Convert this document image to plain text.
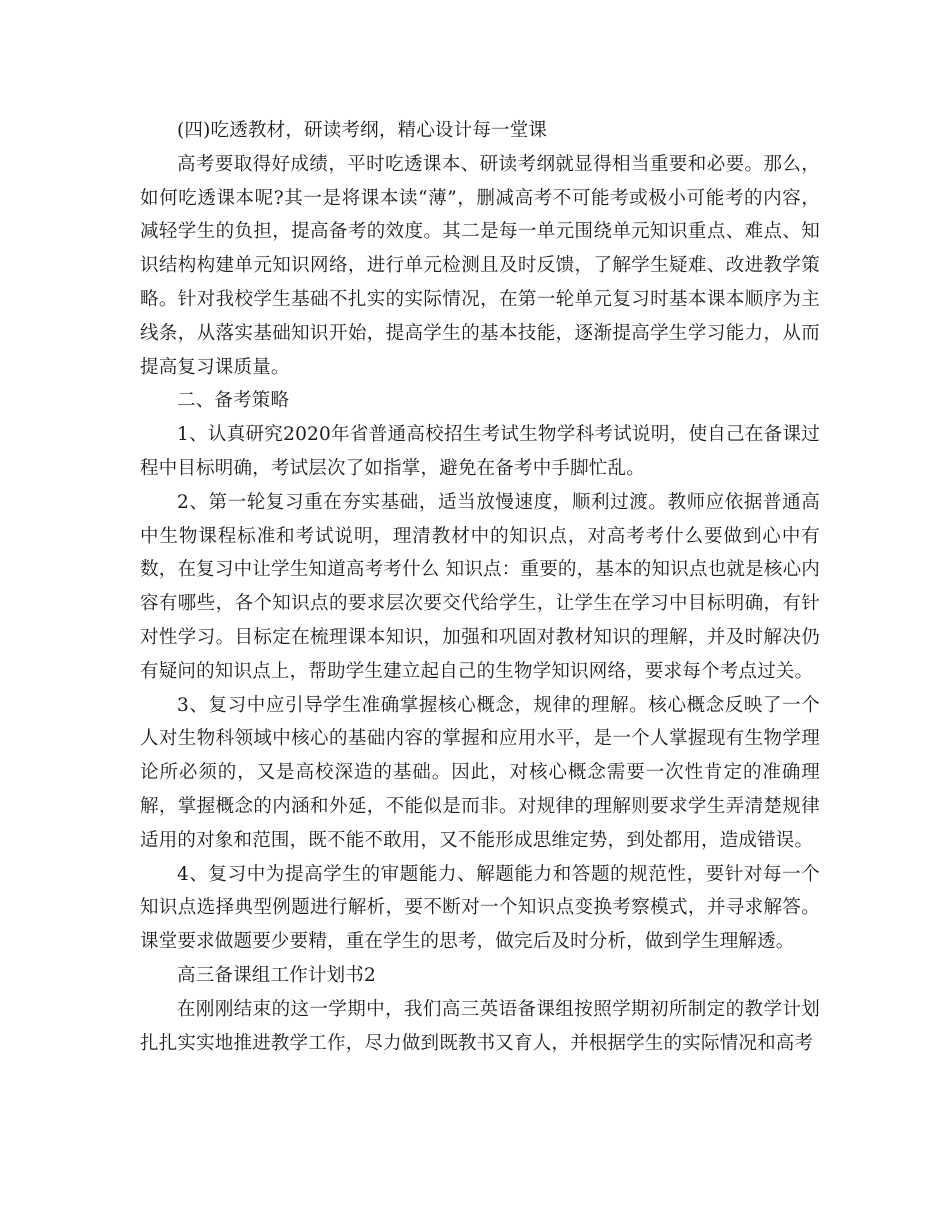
(四)吃透教材，研读考纲，精心设计每一堂课

高考要取得好成绩，平时吃透课本、研读考纲就显得相当重要和必要。那么，如何吃透课本呢?其一是将课本读“薄”，删减高考不可能考或极小可能考的内容，减轻学生的负担，提高备考的效度。其二是每一单元围绕单元知识重点、难点、知识结构构建单元知识网络，进行单元检测且及时反馈，了解学生疑难、改进教学策略。针对我校学生基础不扎实的实际情况，在第一轮单元复习时基本课本顺序为主线条，从落实基础知识开始，提高学生的基本技能，逐渐提高学生学习能力，从而提高复习课质量。

二、备考策略

1、认真研究2020年省普通高校招生考试生物学科考试说明，使自己在备课过程中目标明确，考试层次了如指掌，避免在备考中手脚忙乱。

2、第一轮复习重在夯实基础，适当放慢速度，顺利过渡。教师应依据普通高中生物课程标准和考试说明，理清教材中的知识点，对高考考什么要做到心中有数，在复习中让学生知道高考考什么 知识点：重要的，基本的知识点也就是核心内容有哪些，各个知识点的要求层次要交代给学生，让学生在学习中目标明确，有针对性学习。目标定在梳理课本知识，加强和巩固对教材知识的理解，并及时解决仍有疑问的知识点上，帮助学生建立起自己的生物学知识网络，要求每个考点过关。

3、复习中应引导学生准确掌握核心概念，规律的理解。核心概念反映了一个人对生物科领域中核心的基础内容的掌握和应用水平，是一个人掌握现有生物学理论所必须的，又是高校深造的基础。因此，对核心概念需要一次性肯定的准确理解，掌握概念的内涵和外延，不能似是而非。对规律的理解则要求学生弄清楚规律适用的对象和范围，既不能不敢用，又不能形成思维定势，到处都用，造成错误。

4、复习中为提高学生的审题能力、解题能力和答题的规范性，要针对每一个知识点选择典型例题进行解析，要不断对一个知识点变换考察模式，并寻求解答。课堂要求做题要少要精，重在学生的思考，做完后及时分析，做到学生理解透。

高三备课组工作计划书2

在刚刚结束的这一学期中，我们高三英语备课组按照学期初所制定的教学计划扎扎实实地推进教学工作，尽力做到既教书又育人，并根据学生的实际情况和高考
